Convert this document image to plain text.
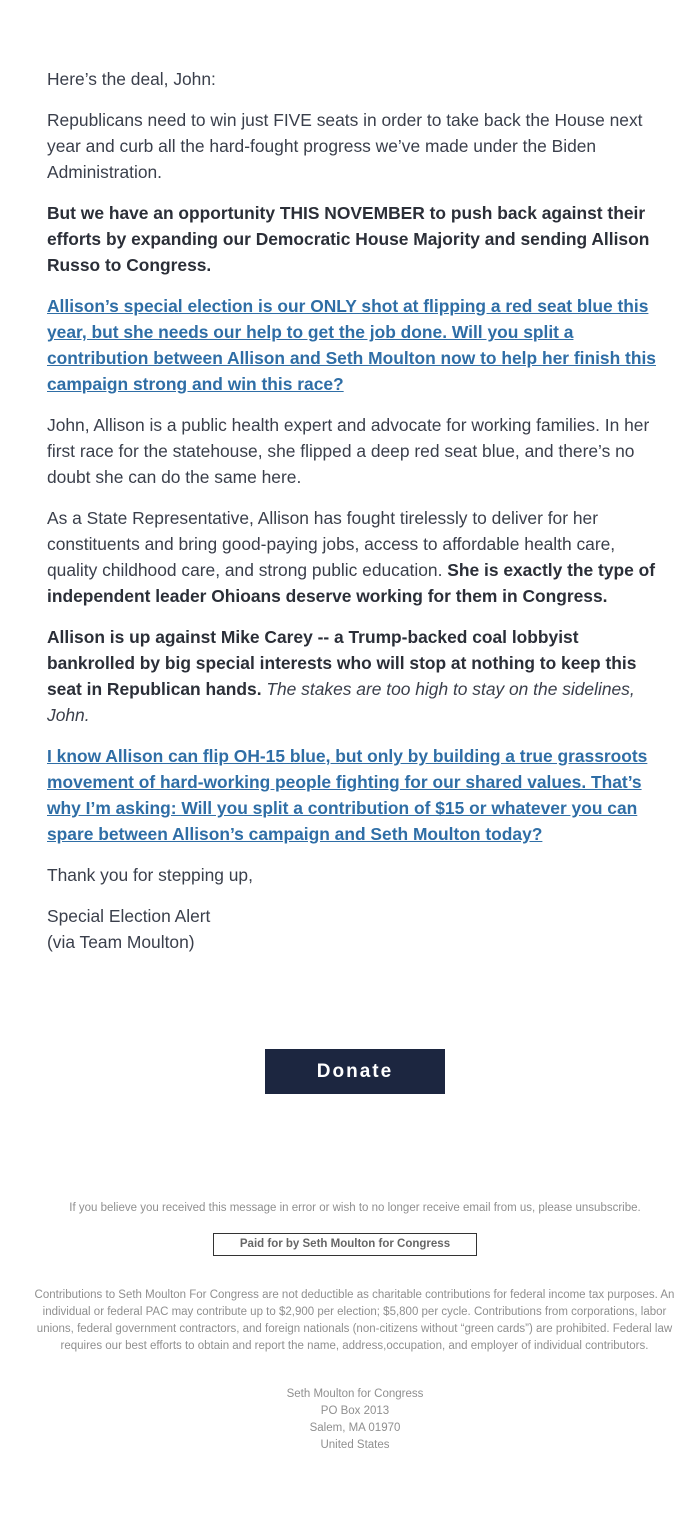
Here’s the deal, John:

Republicans need to win just FIVE seats in order to take back the House next year and curb all the hard-fought progress we’ve made under the Biden Administration.

But we have an opportunity THIS NOVEMBER to push back against their efforts by expanding our Democratic House Majority and sending Allison Russo to Congress.

Allison’s special election is our ONLY shot at flipping a red seat blue this year, but she needs our help to get the job done. Will you split a contribution between Allison and Seth Moulton now to help her finish this campaign strong and win this race?

John, Allison is a public health expert and advocate for working families. In her first race for the statehouse, she flipped a deep red seat blue, and there’s no doubt she can do the same here.

As a State Representative, Allison has fought tirelessly to deliver for her constituents and bring good-paying jobs, access to affordable health care, quality childhood care, and strong public education. She is exactly the type of independent leader Ohioans deserve working for them in Congress.

Allison is up against Mike Carey -- a Trump-backed coal lobbyist bankrolled by big special interests who will stop at nothing to keep this seat in Republican hands. The stakes are too high to stay on the sidelines, John.

I know Allison can flip OH-15 blue, but only by building a true grassroots movement of hard-working people fighting for our shared values. That’s why I’m asking: Will you split a contribution of $15 or whatever you can spare between Allison’s campaign and Seth Moulton today?

Thank you for stepping up,

Special Election Alert
(via Team Moulton)

Donate
If you believe you received this message in error or wish to no longer receive email from us, please unsubscribe.
Paid for by Seth Moulton for Congress
Contributions to Seth Moulton For Congress are not deductible as charitable contributions for federal income tax purposes. An individual or federal PAC may contribute up to $2,900 per election; $5,800 per cycle. Contributions from corporations, labor unions, federal government contractors, and foreign nationals (non-citizens without “green cards”) are prohibited. Federal law requires our best efforts to obtain and report the name, address,occupation, and employer of individual contributors.
Seth Moulton for Congress
PO Box 2013
Salem, MA 01970
United States
